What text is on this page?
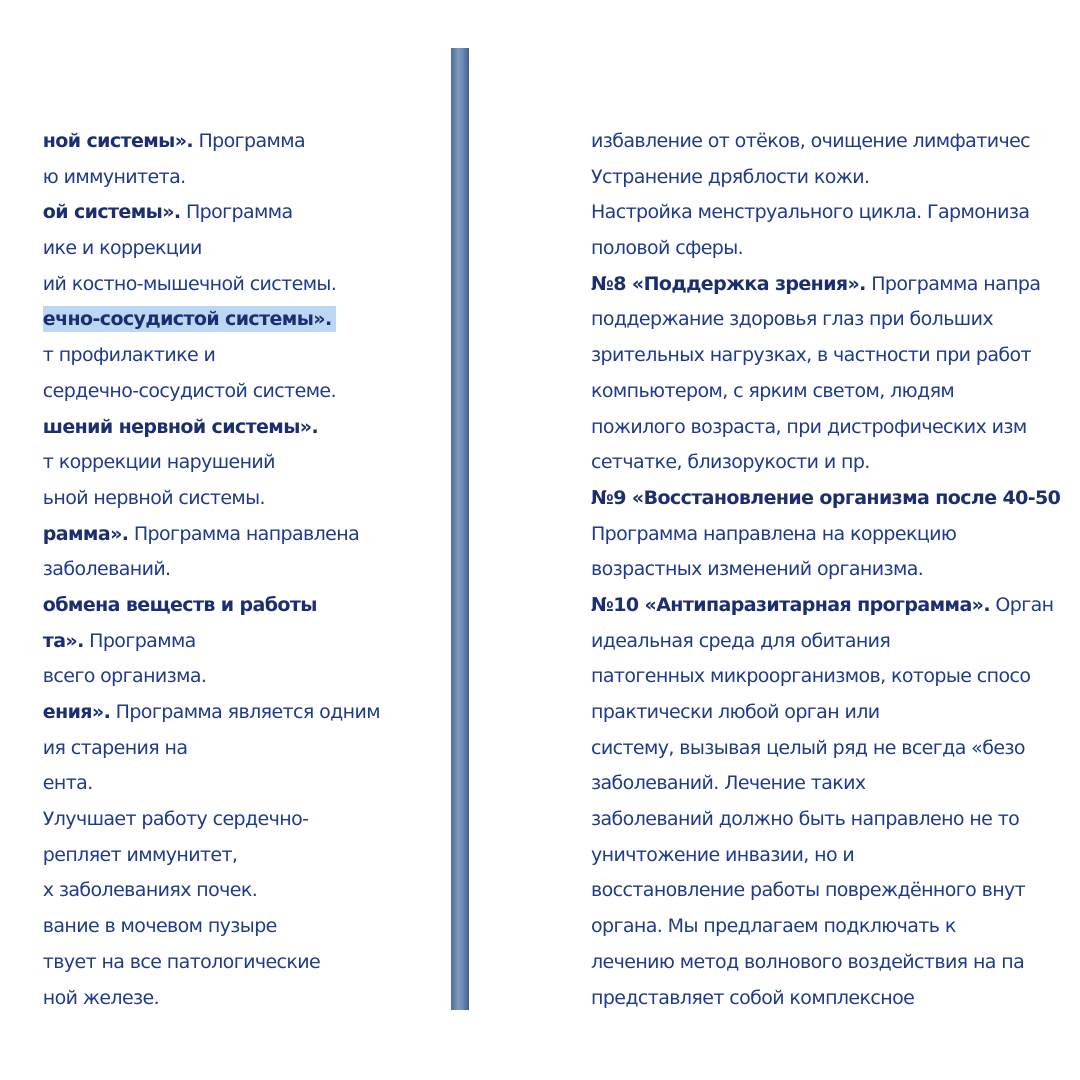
ной системы». Программа
ю иммунитета.
ой системы». Программа
ике и коррекции
ий костно-мышечной системы.
ечно-сосудистой системы».
т профилактике и
сердечно-сосудистой системе.
шений нервной системы».
т коррекции нарушений
ьной нервной системы.
рамма». Программа направлена
заболеваний.
обмена веществ и работы
та». Программа
всего организма.
ения». Программа является одним
ия старения на
ента.
Улучшает работу сердечно-
репляет иммунитет,
х заболеваниях почек.
вание в мочевом пузыре
твует на все патологические
ной железе.
избавление от отёков, очищение лимфатичес
Устранение дряблости кожи.
Настройка менструального цикла. Гармониза
половой сферы.
№8 «Поддержка зрения». Программа напра
поддержание здоровья глаз при больших
зрительных нагрузках, в частности при работ
компьютером, с ярким светом, людям
пожилого возраста, при дистрофических изм
сетчатке, близорукости и пр.
№9 «Восстановление организма после 40-50
Программа направлена на коррекцию
возрастных изменений организма.
№10 «Антипаразитарная программа». Орган
идеальная среда для обитания
патогенных микроорганизмов, которые спосо
практически любой орган или
систему, вызывая целый ряд не всегда «безо
заболеваний. Лечение таких
заболеваний должно быть направлено не то
уничтожение инвазии, но и
восстановление работы повреждённого внут
органа. Мы предлагаем подключать к
лечению метод волнового воздействия на па
представляет собой комплексное
